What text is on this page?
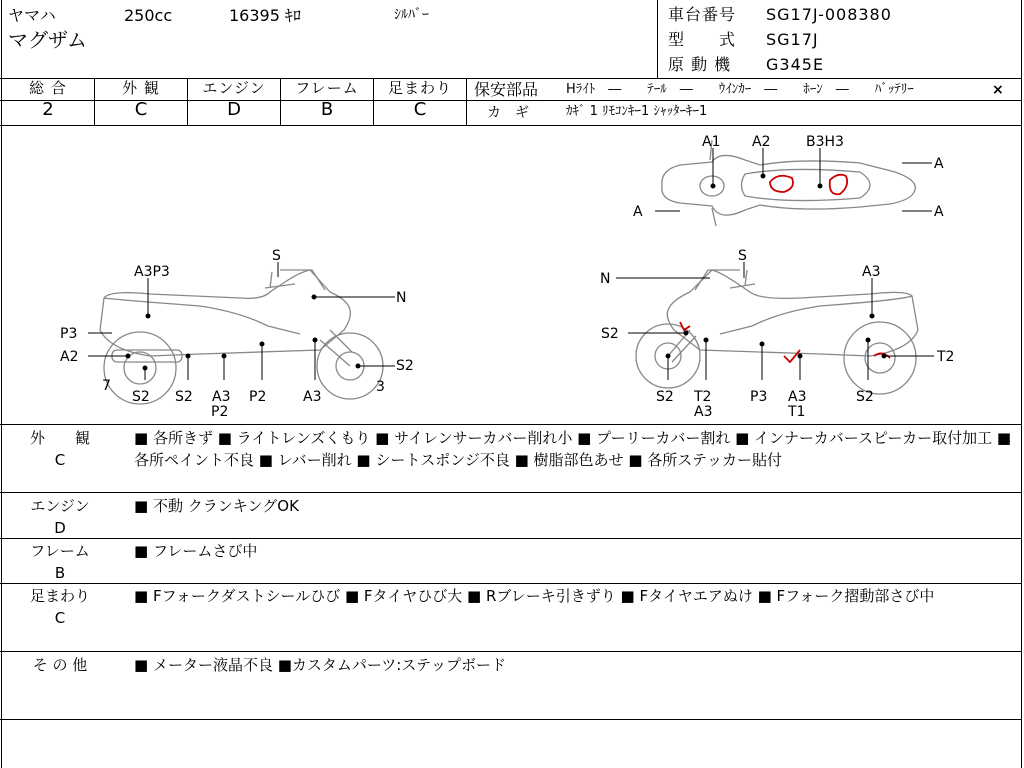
ヤマハ	250cc	16395 ｷﾛ	ｼﾙﾊﾞｰ
マグザム
車台番号 SG17J-008380
型　　式 SG17J
原 動 機 G345E
総 合
2
外 観
C
エンジン
D
フレーム
B
足まわり
C
保安部品 Hﾗｲﾄ　―　　ﾃｰﾙ　―　　ｳｲﾝｶｰ　―　　ﾎｰﾝ　―　　ﾊﾞｯﾃﾘｰ	×
カ　ギ	ｶｷﾞ 1 ﾘﾓｺﾝｷｰ1 ｼｬｯﾀｰｷｰ1
A1 A2	B3H3
A
A	A
S
A3P3
N
P3
A2
7
S2 S2 A3
P2
P2	A3
S2
3
S
N	A3
S2
T2
S2 T2
A3
P3 A3
T1
S2
外　　観
C
■ 各所きず ■ ライトレンズくもり ■ サイレンサーカバー削れ小 ■ プーリーカバー割れ ■ インナーカバースピーカー取付加工 ■ 各所ペイント不良 ■ レバー削れ ■ シートスポンジ不良 ■ 樹脂部色あせ ■ 各所ステッカー貼付
エンジン
D
■ 不動 クランキングOK
フレーム
B
■ フレームさび中
足まわり
C
■ Fフォークダストシールひび ■ Fタイヤひび大 ■ Rブレーキ引きずり ■ Fタイヤエアぬけ ■ Fフォーク摺動部さび中
そ の 他	■ メーター液晶不良 ■カスタムパーツ:ステップボード
